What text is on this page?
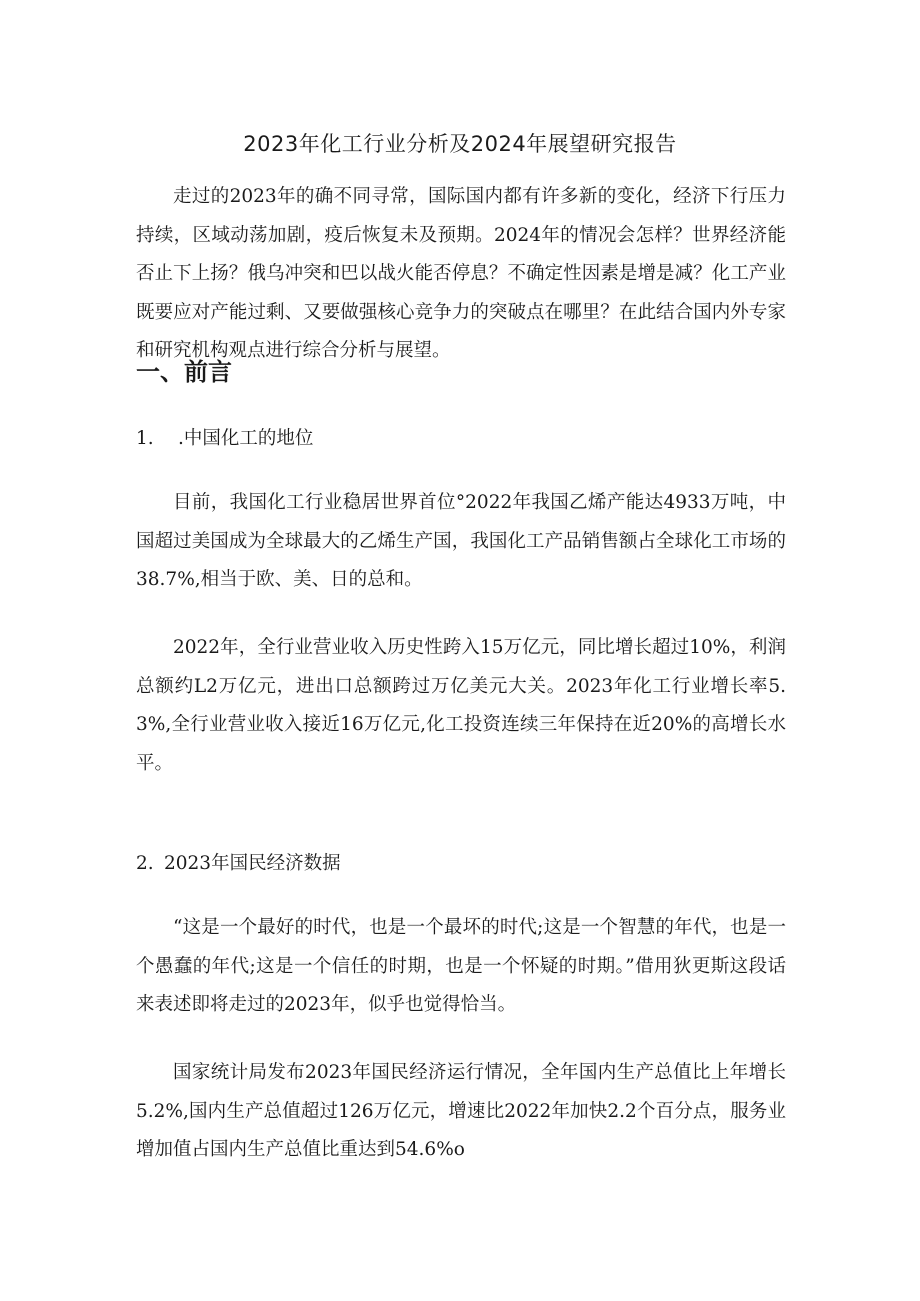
2023年化工行业分析及2024年展望研究报告

走过的2023年的确不同寻常，国际国内都有许多新的变化，经济下行压力持续，区域动荡加剧，疫后恢复未及预期。2024年的情况会怎样？世界经济能否止下上扬？俄乌冲突和巴以战火能否停息？不确定性因素是增是减？化工产业既要应对产能过剩、又要做强核心竞争力的突破点在哪里？在此结合国内外专家和研究机构观点进行综合分析与展望。

一、前言
1. .中国化工的地位

目前，我国化工行业稳居世界首位°2022年我国乙烯产能达4933万吨，中国超过美国成为全球最大的乙烯生产国，我国化工产品销售额占全球化工市场的38.7%,相当于欧、美、日的总和。

2022年，全行业营业收入历史性跨入15万亿元，同比增长超过10%，利润总额约L2万亿元，进出口总额跨过万亿美元大关。2023年化工行业增长率5.3%,全行业营业收入接近16万亿元,化工投资连续三年保持在近20%的高增长水平。

2. 2023年国民经济数据

“这是一个最好的时代，也是一个最坏的时代;这是一个智慧的年代，也是一个愚蠢的年代;这是一个信任的时期，也是一个怀疑的时期。”借用狄更斯这段话来表述即将走过的2023年，似乎也觉得恰当。

国家统计局发布2023年国民经济运行情况，全年国内生产总值比上年增长5.2%,国内生产总值超过126万亿元，增速比2022年加快2.2个百分点，服务业增加值占国内生产总值比重达到54.6%o
